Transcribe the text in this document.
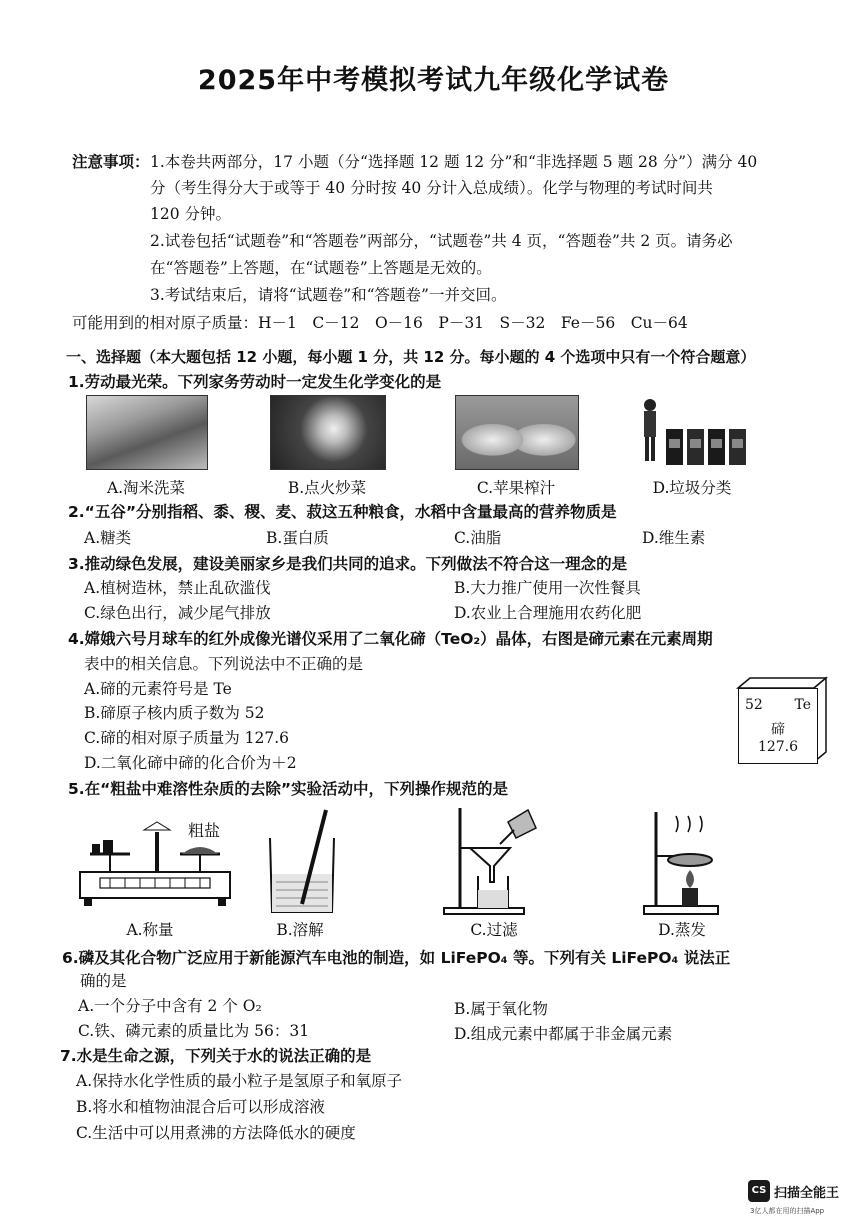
2025年中考模拟考试九年级化学试卷
注意事项： 1.本卷共两部分，17 小题（分“选择题 12 题 12 分”和“非选择题 5 题 28 分”）满分 40
分（考生得分大于或等于 40 分时按 40 分计入总成绩）。化学与物理的考试时间共
120 分钟。
2.试卷包括“试题卷”和“答题卷”两部分，“试题卷”共 4 页，“答题卷”共 2 页。请务必
在“答题卷”上答题，在“试题卷”上答题是无效的。
3.考试结束后，请将“试题卷”和“答题卷”一并交回。
可能用到的相对原子质量：H－1　C－12　O－16　P－31　S－32　Fe－56　Cu－64
一、选择题（本大题包括 12 小题，每小题 1 分，共 12 分。每小题的 4 个选项中只有一个符合题意）
1.劳动最光荣。下列家务劳动时一定发生化学变化的是
A.淘米洗菜	B.点火炒菜	C.苹果榨汁	D.垃圾分类
2.“五谷”分别指稻、黍、稷、麦、菽这五种粮食，水稻中含量最高的营养物质是
A.糖类	B.蛋白质	C.油脂	D.维生素
3.推动绿色发展，建设美丽家乡是我们共同的追求。下列做法不符合这一理念的是
A.植树造林，禁止乱砍滥伐	B.大力推广使用一次性餐具
C.绿色出行，减少尾气排放	D.农业上合理施用农药化肥
4.嫦娥六号月球车的红外成像光谱仪采用了二氧化碲（TeO₂）晶体，右图是碲元素在元素周期
表中的相关信息。下列说法中不正确的是
A.碲的元素符号是 Te
B.碲原子核内质子数为 52
C.碲的相对原子质量为 127.6
D.二氧化碲中碲的化合价为＋2
52 Te
碲
127.6
5.在“粗盐中难溶性杂质的去除”实验活动中，下列操作规范的是
粗盐
A.称量	B.溶解	C.过滤	D.蒸发
6.磷及其化合物广泛应用于新能源汽车电池的制造，如 LiFePO₄ 等。下列有关 LiFePO₄ 说法正
确的是
A.一个分子中含有 2 个 O₂	B.属于氧化物
C.铁、磷元素的质量比为 56：31	D.组成元素中都属于非金属元素
7.水是生命之源，下列关于水的说法正确的是
A.保持水化学性质的最小粒子是氢原子和氧原子
B.将水和植物油混合后可以形成溶液
C.生活中可以用煮沸的方法降低水的硬度
CS 扫描全能王
3亿人都在用的扫描App
